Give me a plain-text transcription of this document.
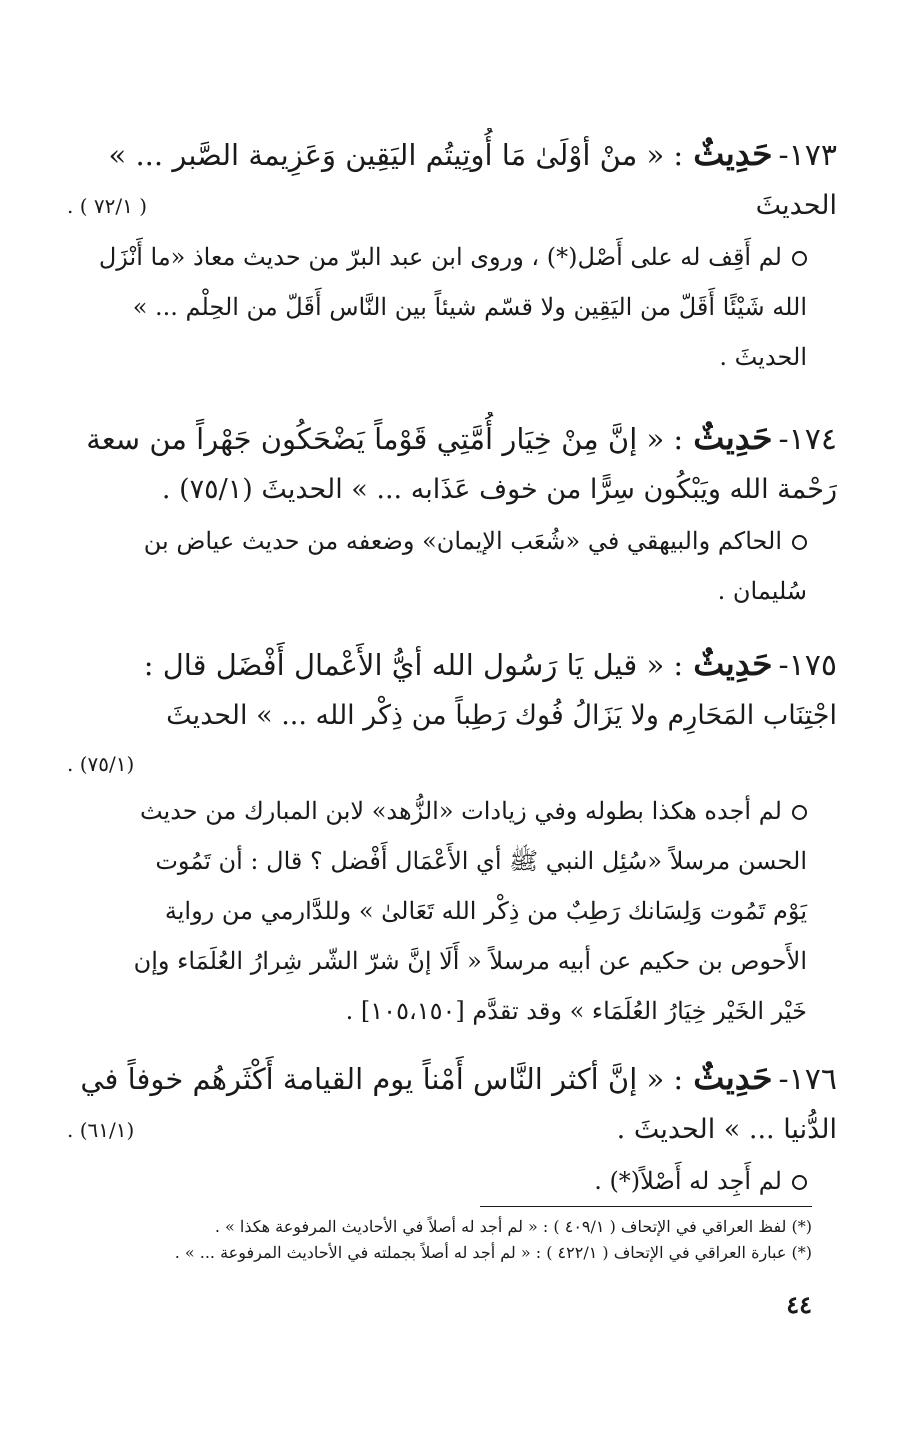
١٧٣-حَدِيثٌ: « منْ أوْلَىٰ مَا أُوتِيتُم اليَقِين وَعَزِيمة الصَّبر ... »
الحديثَ
( ٧٢/١ ) .
لم أَقِف له على أَصْل(*) ، وروى ابن عبد البرّ من حديث معاذ «ما أَنْزَل
الله شَيْئًا أَقَلّ من اليَقِين ولا قسّم شيئاً بين النَّاس أَقَلّ من الحِلْم ... »
الحديثَ .
١٧٤-حَدِيثٌ: « إنَّ مِنْ خِيَار أُمَّتِي قَوْماً يَضْحَكُون جَهْراً من سعة
رَحْمة الله ويَبْكُون سِرًّا من خوف عَذَابه ... » الحديثَ (٧٥/١) .
الحاكم والبيهقي في «شُعَب الإيمان» وضعفه من حديث عياض بن
سُليمان .
١٧٥-حَدِيثٌ: « قيل يَا رَسُول الله أيُّ الأَعْمال أَفْضَل قال :
اجْتِنَاب المَحَارِم ولا يَزَالُ فُوك رَطِباً من ذِكْر الله ... » الحديثَ
(٧٥/١) .
لم أجده هكذا بطوله وفي زيادات «الزُّهد» لابن المبارك من حديث
الحسن مرسلاً «سُئِل النبي ﷺ أي الأَعْمَال أَفْضل ؟ قال : أن تَمُوت
يَوْم تَمُوت وَلِسَانك رَطِبٌ من ذِكْر الله تَعَالىٰ » وللدَّارمي من رواية
الأَحوص بن حكيم عن أبيه مرسلاً « أَلَا إنَّ شرّ الشّر شِرارُ العُلَمَاء وإن
خَيْر الخَيْر خِيَارُ العُلَمَاء » وقد تقدَّم [١٠٥،١٥٠] .
١٧٦-حَدِيثٌ: « إنَّ أكثر النَّاس أَمْناً يوم القيامة أَكْثَرهُم خوفاً في
الدُّنيا ... » الحديثَ .
(٦١/١) .
لم أَجِد له أَصْلاً(*) .
(*) لفظ العراقي في الإتحاف ( ٤٠٩/١ ) : « لم أجد له أصلاً في الأحاديث المرفوعة هكذا » .
(*) عبارة العراقي في الإتحاف ( ٤٢٢/١ ) : « لم أجد له أصلاً بجملته في الأحاديث المرفوعة ... » .
٤٤
